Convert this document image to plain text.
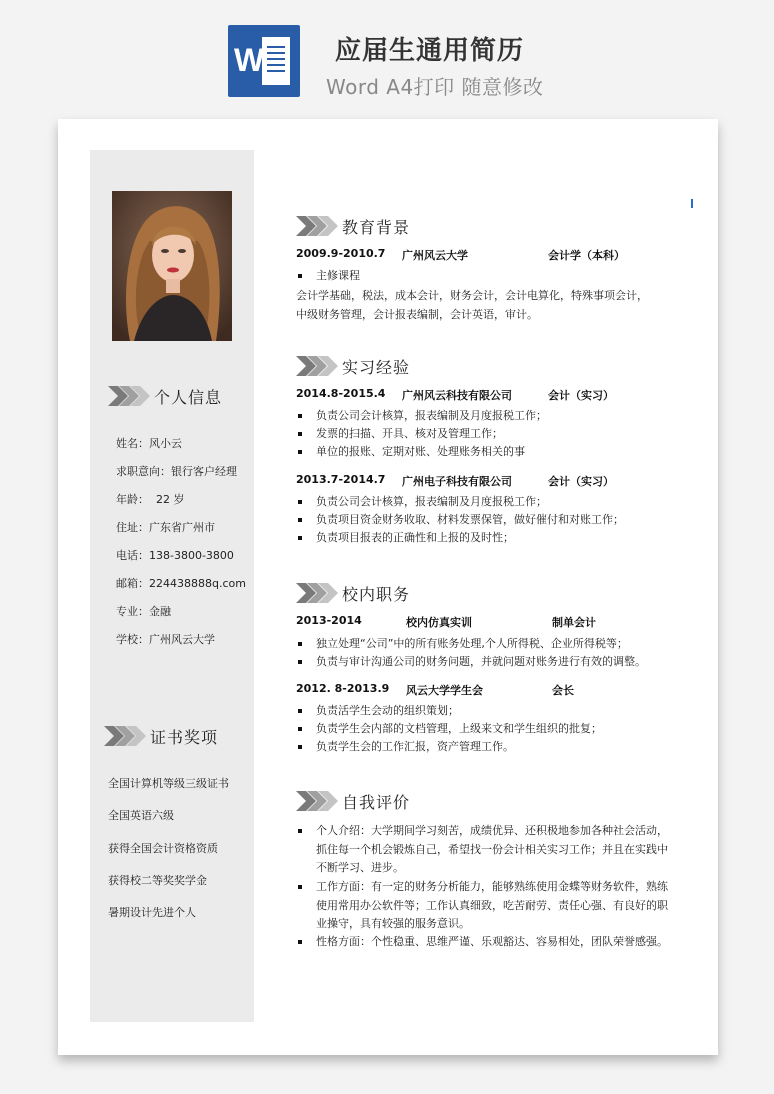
W	应届生通用简历
Word A4打印 随意修改
个人信息
姓名：风小云
求职意向：银行客户经理
年龄：  22 岁
住址：广东省广州市
电话：138-3800-3800
邮箱：224438888q.com
专业：金融
学校：广州风云大学
证书奖项
全国计算机等级三级证书
全国英语六级
获得全国会计资格资质
获得校二等奖奖学金
暑期设计先进个人
教育背景
2009.9-2010.7 广州风云大学	会计学（本科）
主修课程
会计学基础，税法，成本会计，财务会计，会计电算化，特殊事项会计，
中级财务管理，会计报表编制，会计英语，审计。
实习经验
2014.8-2015.4 广州风云科技有限公司	会计（实习）
负责公司会计核算，报表编制及月度报税工作；
发票的扫描、开具、核对及管理工作；
单位的报账、定期对账、处理账务相关的事
2013.7-2014.7 广州电子科技有限公司	会计（实习）
负责公司会计核算，报表编制及月度报税工作；
负责项目资金财务收取、材料发票保管，做好催付和对账工作；
负责项目报表的正确性和上报的及时性；
校内职务
2013-2014	校内仿真实训	制单会计
独立处理“公司”中的所有账务处理,个人所得税、企业所得税等；
负责与审计沟通公司的财务问题，并就问题对账务进行有效的调整。
2012. 8-2013.9 风云大学学生会	会长
负责活学生会动的组织策划；
负责学生会内部的文档管理，上级来文和学生组织的批复；
负责学生会的工作汇报，资产管理工作。
自我评价
个人介绍：大学期间学习刻苦，成绩优异、还积极地参加各种社会活动，抓住每一个机会锻炼自己，希望找一份会计相关实习工作；并且在实践中不断学习、进步。
工作方面：有一定的财务分析能力，能够熟练使用金蝶等财务软件，熟练使用常用办公软件等；工作认真细致，吃苦耐劳、责任心强、有良好的职业操守，具有较强的服务意识。
性格方面：个性稳重、思维严谨、乐观豁达、容易相处，团队荣誉感强。
